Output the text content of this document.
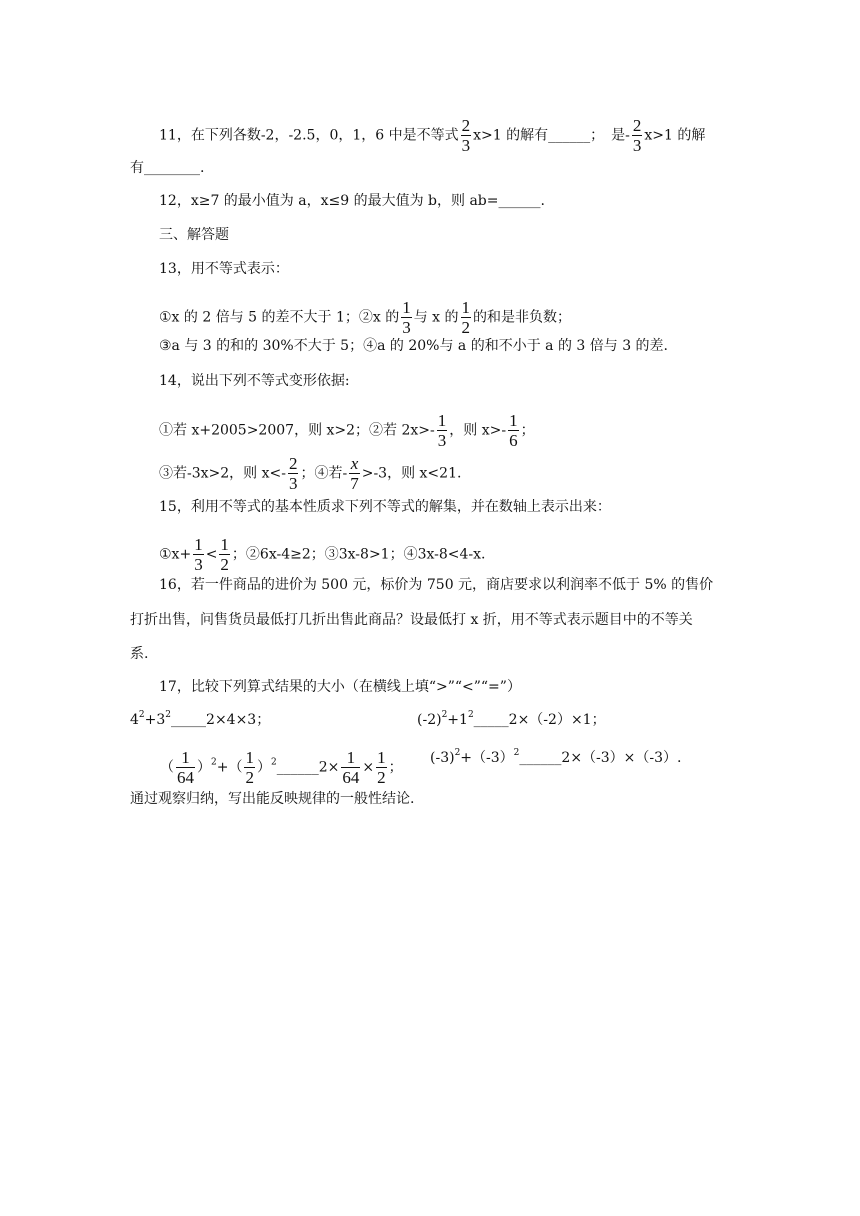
11，在下列各数-2，-2.5，0，1，6 中是不等式 $\frac{2}{3} x>1$ 的解有______；　是- $\frac{2}{3} x>1$ 的解
有________.
12，x≥7 的最小值为 a，x≤9 的最大值为 b，则 ab=______.
三、解答题
13，用不等式表示：
①x 的 2 倍与 5 的差不大于 1；②x 的 $\frac{1}{3}$ 与 x 的 $\frac{1}{2}$ 的和是非负数；
③a 与 3 的和的 30%不大于 5；④a 的 20%与 a 的和不小于 a 的 3 倍与 3 的差.
14，说出下列不等式变形依据:
①若 x+2005>2007，则 x>2；②若 $2x>- \frac{1}{3}$ ，则 $x>- \frac{1}{6}$ ；
③若-3x>2，则 $x<- \frac{2}{3}$ ；④若- $\frac{x}{7} >-3$，则 x<21.
15，利用不等式的基本性质求下列不等式的解集，并在数轴上表示出来：
①x+ $\frac{1}{3} < \frac{1}{2}$ ；②6x-4≥2；③3x-8>1；④3x-8<4-x.
16，若一件商品的进价为 500 元，标价为 750 元，商店要求以利润率不低于 5% 的售价
打折出售，问售货员最低打几折出售此商品？设最低打 x 折，用不等式表示题目中的不等关
系.
17，比较下列算式结果的大小（在横线上填“>”“<”“=”）
$4^2+3^2\_\_\_\_\_2\times 4\times 3$；	$(-2)^2+1^2\_\_\_\_\_2\times(-2)\times 1$；
（ $\frac{1}{64} )^2+( \frac{1}{2}$ ）$^2\_\_\_\_\_\_2\times \frac{1}{64} \times \frac{1}{2}$ ；
$(-3)^2+(-3)^2\_\_\_\_\_\_2\times(-3)\times(-3)$.
通过观察归纳，写出能反映规律的一般性结论.
